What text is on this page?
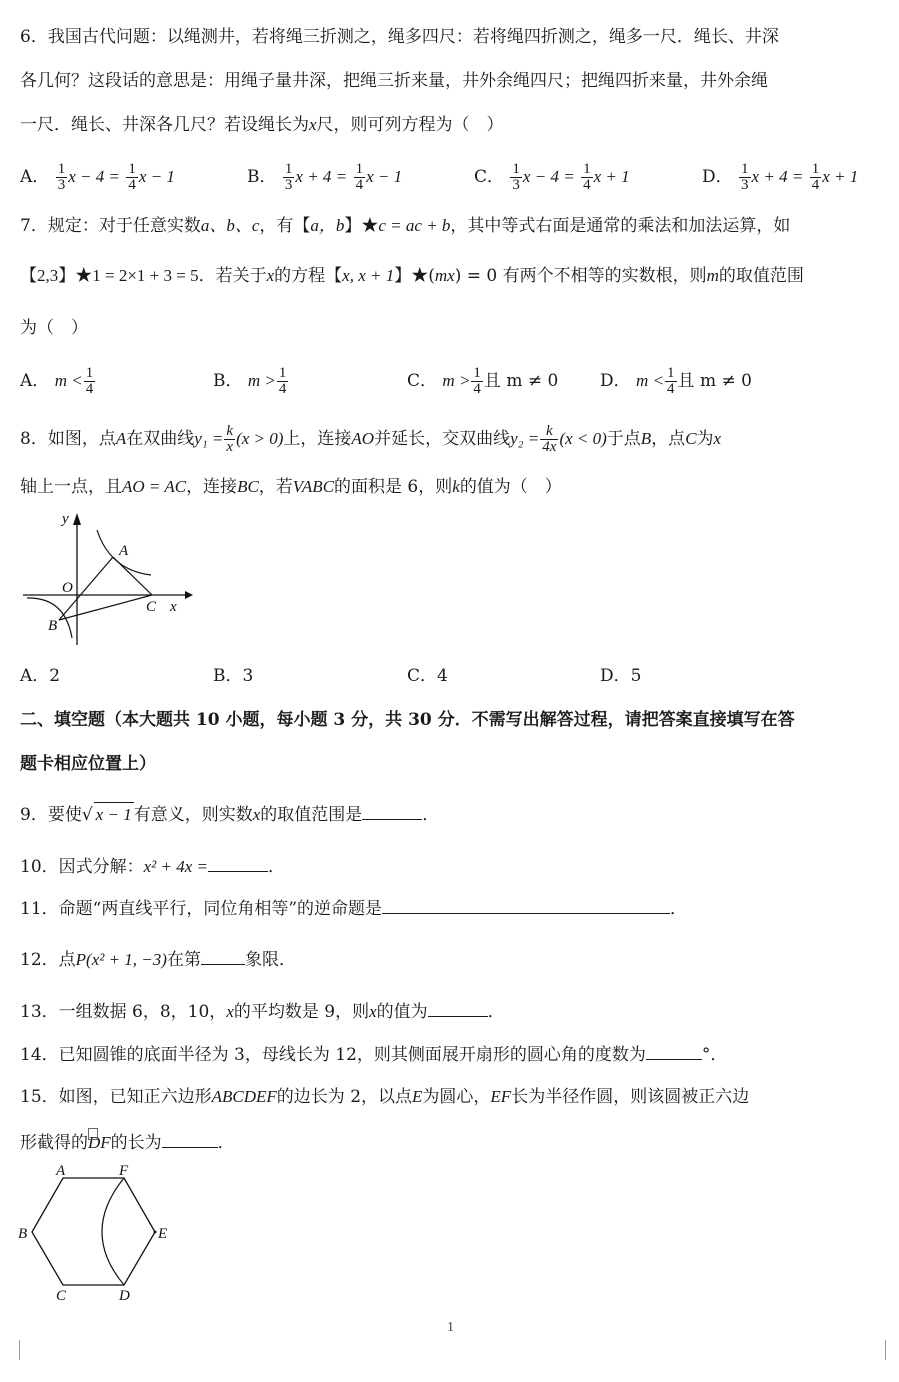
6．我国古代问题：以绳测井，若将绳三折测之，绳多四尺：若将绳四折测之，绳多一尺．绳长、井深
各几何？这段话的意思是：用绳子量井深，把绳三折来量，井外余绳四尺；把绳四折来量，井外余绳
一尺．绳长、井深各几尺？若设绳长为x尺，则可列方程为（　）
A． $\frac{1}{3}$ $x - 4 = \frac{1}{4}$ x − 1	B． $\frac{1}{3}$ $x + 4 = \frac{1}{4}$ x − 1	C． $\frac{1}{3}$ $x - 4 = \frac{1}{4}$ x + 1	D． $\frac{1}{3}$ $x + 4 = \frac{1}{4}$ x + 1
7．规定：对于任意实数a、b、c，有【a，b】★c = ac + b，其中等式右面是通常的乘法和加法运算，如
【2,3】★1 = 2×1 + 3 = 5．若关于x的方程【x, x + 1】★(mx) = 0 有两个不相等的实数根，则m的取值范围
为（　）
A． $m < \frac{1}{4}$	B． $m > \frac{1}{4}$	C． $m > \frac{1}{4}$ 且 m ≠ 0 D． $m < \frac{1}{4}$ 且 m ≠ 0
8．如图，点A在双曲线$y_1 = \frac{k}{x} (x > 0)$上，连接AO并延长，交双曲线$y_2 = \frac{k}{4x} (x < 0)$于点B，点C为x
轴上一点，且AO = AC，连接BC，若VABC的面积是 6，则k的值为（　）
y
x
O
A
B
C
A．2	B．3	C．4	D．5
二、填空题（本大题共 10 小题，每小题 3 分，共 30 分．不需写出解答过程，请把答案直接填写在答
题卡相应位置上）
9．要使√ x − 1 有意义，则实数x的取值范围是	．
10．因式分解：x² + 4x =	．
11．命题“两直线平行，同位角相等”的逆命题是	．
12．点P(x² + 1, −3)在第	象限．
13．一组数据 6，8，10，x的平均数是 9，则x的值为	．
14．已知圆锥的底面半径为 3，母线长为 12，则其侧面展开扇形的圆心角的度数为	°．
15．如图，已知正六边形ABCDEF的边长为 2，以点E为圆心，EF长为半径作圆，则该圆被正六边
形截得的DF的长为	．
A	F
B	E
C	D
1
